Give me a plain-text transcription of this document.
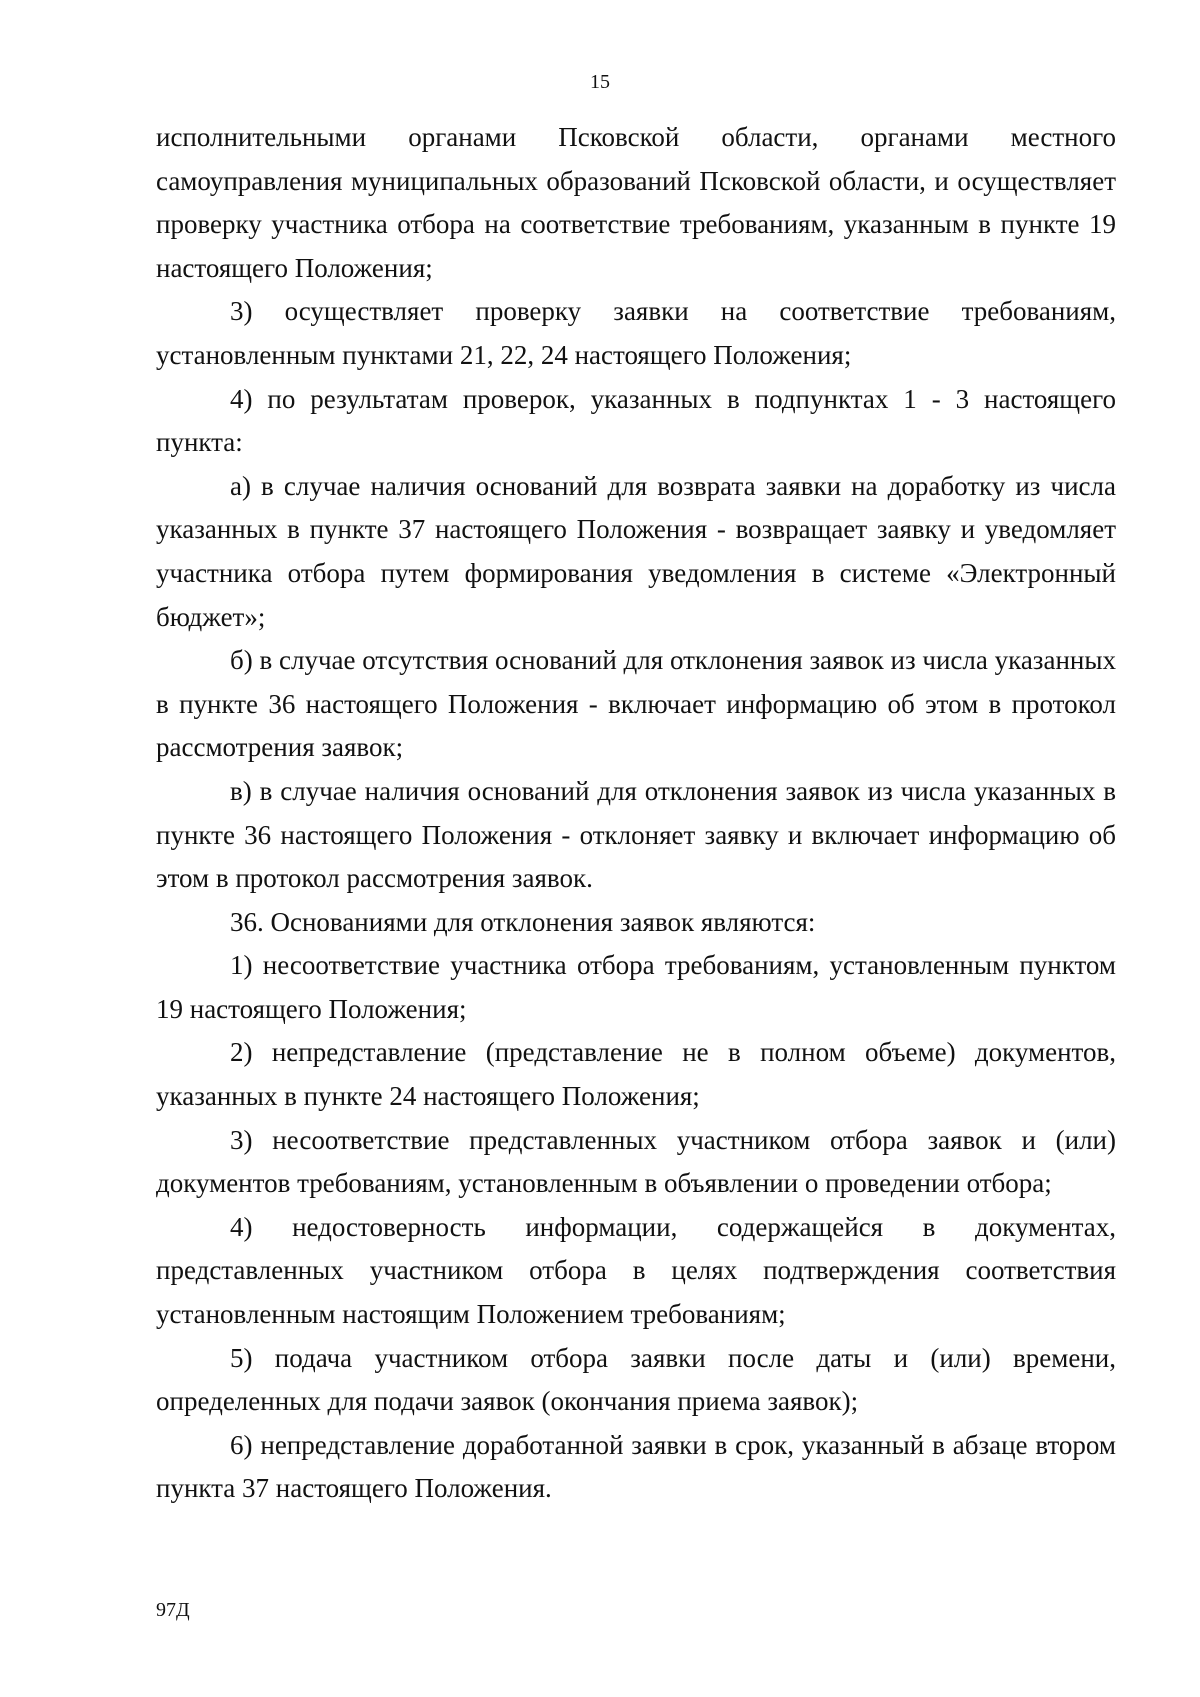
15

исполнительными органами Псковской области, органами местного самоуправления муниципальных образований Псковской области, и осуществляет проверку участника отбора на соответствие требованиям, указанным в пункте 19 настоящего Положения;

3) осуществляет проверку заявки на соответствие требованиям, установленным пунктами 21, 22, 24 настоящего Положения;

4) по результатам проверок, указанных в подпунктах 1 - 3 настоящего пункта:

а) в случае наличия оснований для возврата заявки на доработку из числа указанных в пункте 37 настоящего Положения - возвращает заявку и уведомляет участника отбора путем формирования уведомления в системе «Электронный бюджет»;

б) в случае отсутствия оснований для отклонения заявок из числа указанных в пункте 36 настоящего Положения - включает информацию об этом в протокол рассмотрения заявок;

в) в случае наличия оснований для отклонения заявок из числа указанных в пункте 36 настоящего Положения - отклоняет заявку и включает информацию об этом в протокол рассмотрения заявок.

36. Основаниями для отклонения заявок являются:

1) несоответствие участника отбора требованиям, установленным пунктом 19 настоящего Положения;

2) непредставление (представление не в полном объеме) документов, указанных в пункте 24 настоящего Положения;

3) несоответствие представленных участником отбора заявок и (или) документов требованиям, установленным в объявлении о проведении отбора;

4) недостоверность информации, содержащейся в документах, представленных участником отбора в целях подтверждения соответствия установленным настоящим Положением требованиям;

5) подача участником отбора заявки после даты и (или) времени, определенных для подачи заявок (окончания приема заявок);

6) непредставление доработанной заявки в срок, указанный в абзаце втором пункта 37 настоящего Положения.

97Д
